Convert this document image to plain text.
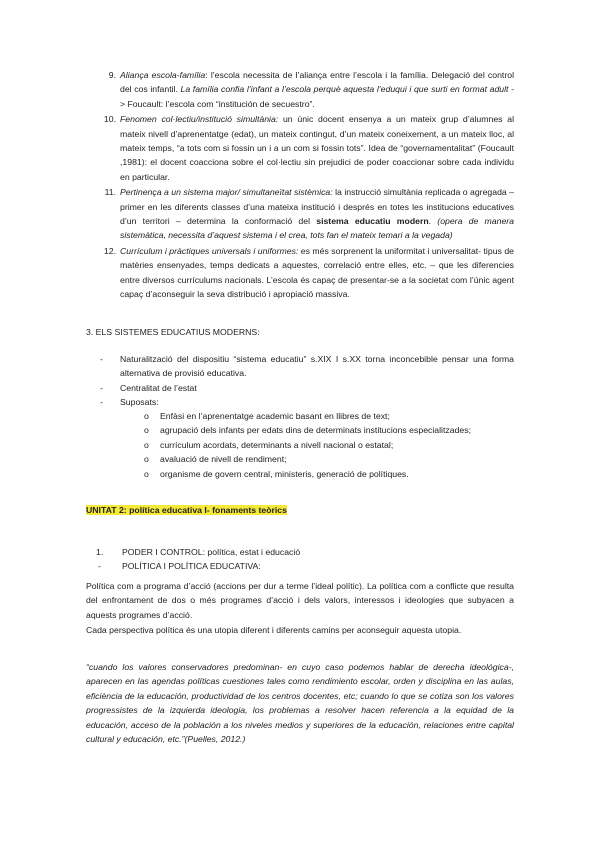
9. Aliança escola-família: l’escola necessita de l’aliança entre l’escola i la família. Delegació del control del cos infantil. La família confia l’infant a l’escola perquè aquesta l’eduqui i que surti en format adult -> Foucault: l’escola com “institución de secuestro”.
10. Fenomen col·lectiu/institució simultània: un únic docent ensenya a un mateix grup d’alumnes al mateix nivell d’aprenentatge (edat), un mateix contingut, d’un mateix coneixement, a un mateix lloc, al mateix temps, “a tots com si fossin un i a un com si fossin tots”. Idea de “governamentalitat” (Foucault ,1981): el docent coacciona sobre el col·lectiu sin prejudici de poder coaccionar sobre cada individu en particular.
11. Pertinença a un sistema major/ simultaneïtat sistèmica: la instrucció simultània replicada o agregada – primer en les diferents classes d’una mateixa institució i després en totes les institucions educatives d’un territori – determina la conformació del sistema educatiu modern. (opera de manera sistemàtica, necessita d’aquest sistema i el crea, tots fan el mateix temari a la vegada)
12. Currículum i pràctiques universals i uniformes: es més sorprenent la uniformitat i universalitat- tipus de matèries ensenyades, temps dedicats a aquestes, correlació entre elles, etc. – que les diferencies entre diversos currículums nacionals. L’escola és capaç de presentar-se a la societat com l’únic agent capaç d’aconseguir la seva distribució i apropiació massiva.
3. ELS SISTEMES EDUCATIUS MODERNS:
- Naturalització del dispositiu “sistema educatiu” s.XIX I s.XX torna inconcebible pensar una forma alternativa de provisió educativa.
- Centralitat de l’estat
- Suposats:
o Enfàsi en l’aprenentatge academic basant en llibres de text;
o agrupació dels infants per edats dins de determinats institucions especialitzades;
o currículum acordats, determinants a nivell nacional o estatal;
o avaluació de nivell de rendiment;
o organisme de govern central, ministeris, generació de polítiques.
UNITAT 2: política educativa I- fonaments teòrics
1. PODER I CONTROL: política, estat i educació
- POLÍTICA I POLÍTICA EDUCATIVA:
Política com a programa d’acció (accions per dur a terme l’ideal polític). La política com a conflicte que resulta del enfrontament de dos o més programes d’acció i dels valors, interessos i ideologies que subyacen a aquests programes d’acció.
Cada perspectiva política és una utopia diferent i diferents camins per aconseguir aquesta utopia.
“cuando los valores conservadores predominan- en cuyo caso podemos hablar de derecha ideológica-, aparecen en las agendas políticas cuestiones tales como rendimiento escolar, orden y disciplina en las aulas, eficiència de la educación, productividad de los centros docentes, etc; cuando lo que se cotiza son los valores progressistes de la izquierda ideologia, los problemas a resolver hacen referencia a la equidad de la educación, acceso de la población a los niveles medios y superiores de la educación, relaciones entre capital cultural y educación, etc.”(Puelles, 2012.)
